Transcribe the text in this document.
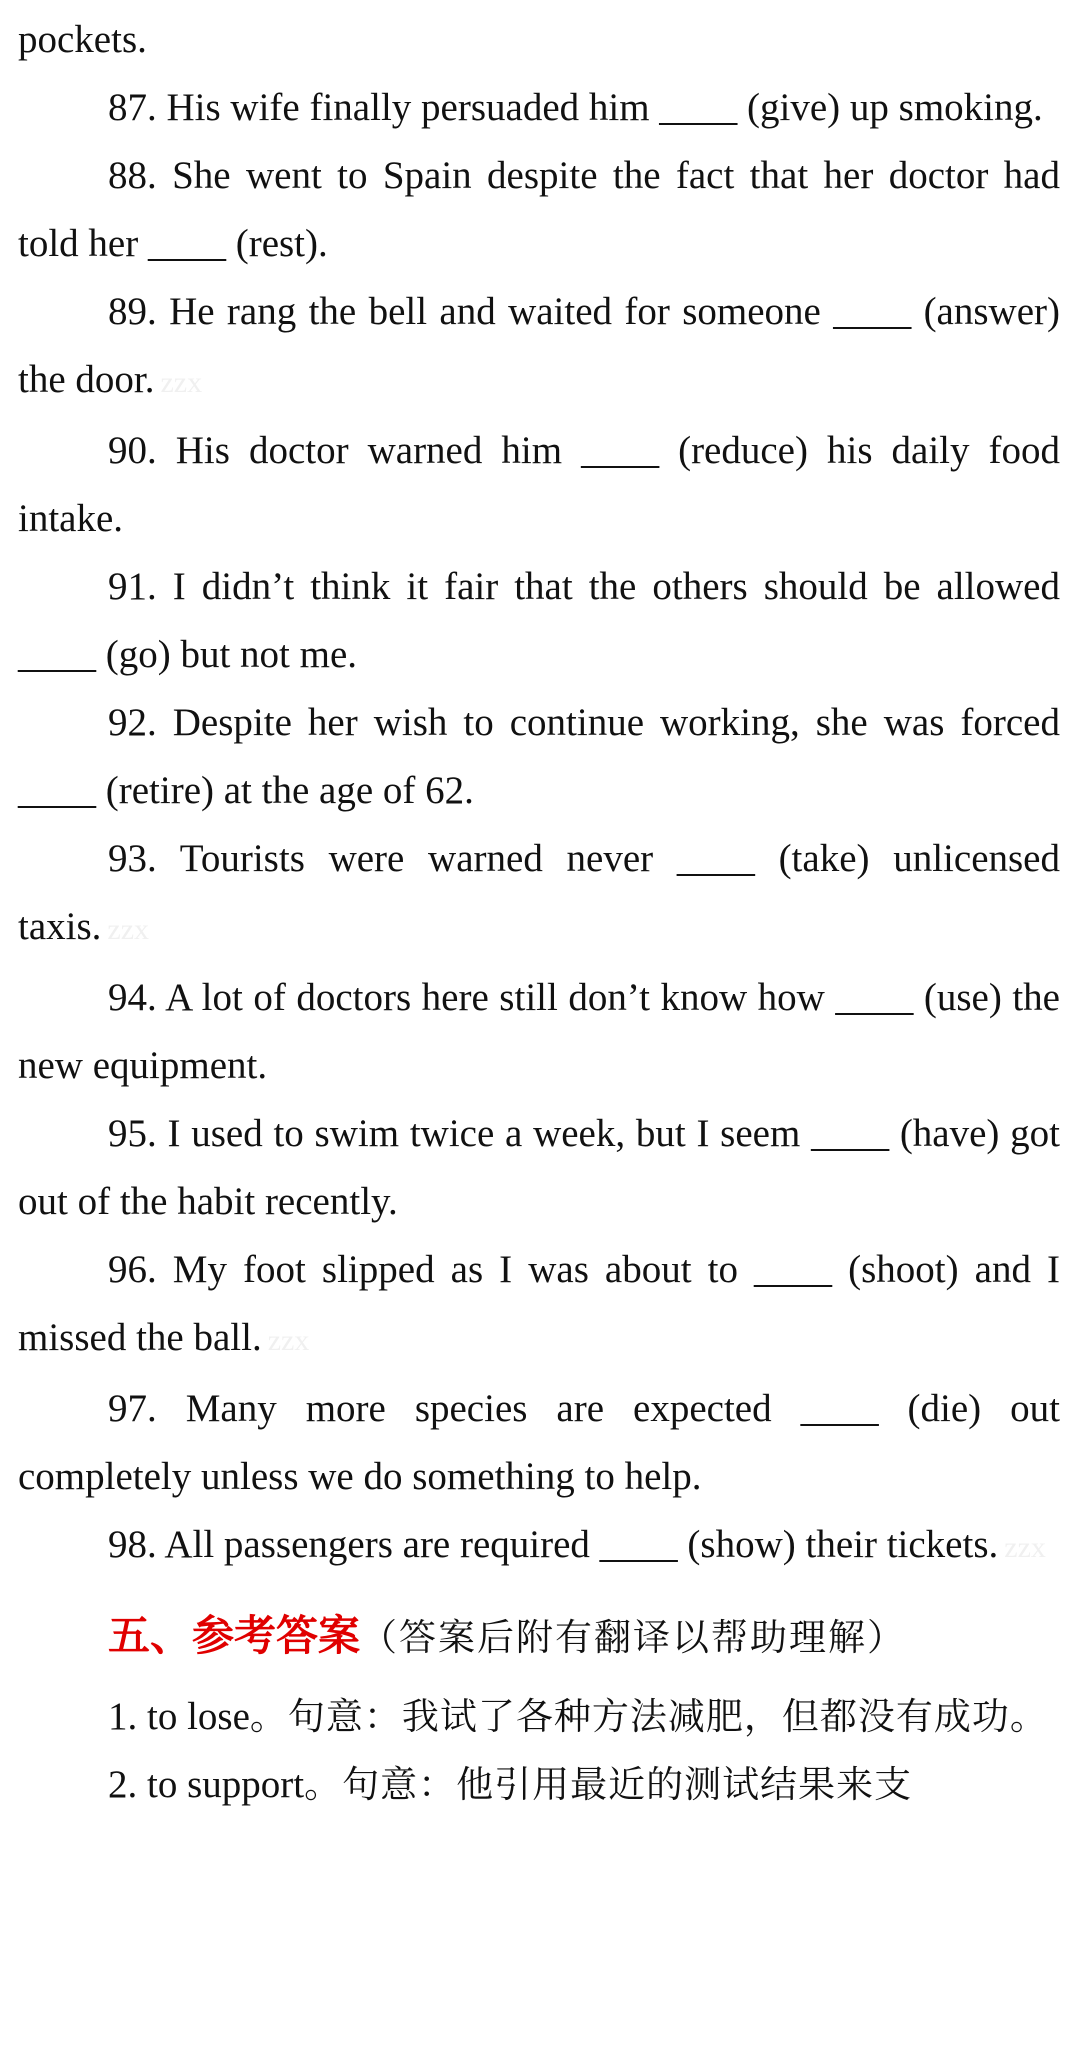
pockets.

87. His wife finally persuaded him ____ (give) up smoking.

88. She went to Spain despite the fact that her doctor had told her ____ (rest).

89. He rang the bell and waited for someone ____ (answer) the door. zzx

90. His doctor warned him ____ (reduce) his daily food intake.

91. I didn’t think it fair that the others should be allowed ____ (go) but not me.

92. Despite her wish to continue working, she was forced ____ (retire) at the age of 62.

93. Tourists were warned never ____ (take) unlicensed taxis. zzx

94. A lot of doctors here still don’t know how ____ (use) the new equipment.

95. I used to swim twice a week, but I seem ____ (have) got out of the habit recently.

96. My foot slipped as I was about to ____ (shoot) and I missed the ball. zzx

97. Many more species are expected ____ (die) out completely unless we do something to help.

98. All passengers are required ____ (show) their tickets. zzx

五、参考答案（答案后附有翻译以帮助理解）

1. to lose。句意：我试了各种方法减肥，但都没有成功。

2. to support。句意：他引用最近的测试结果来支
